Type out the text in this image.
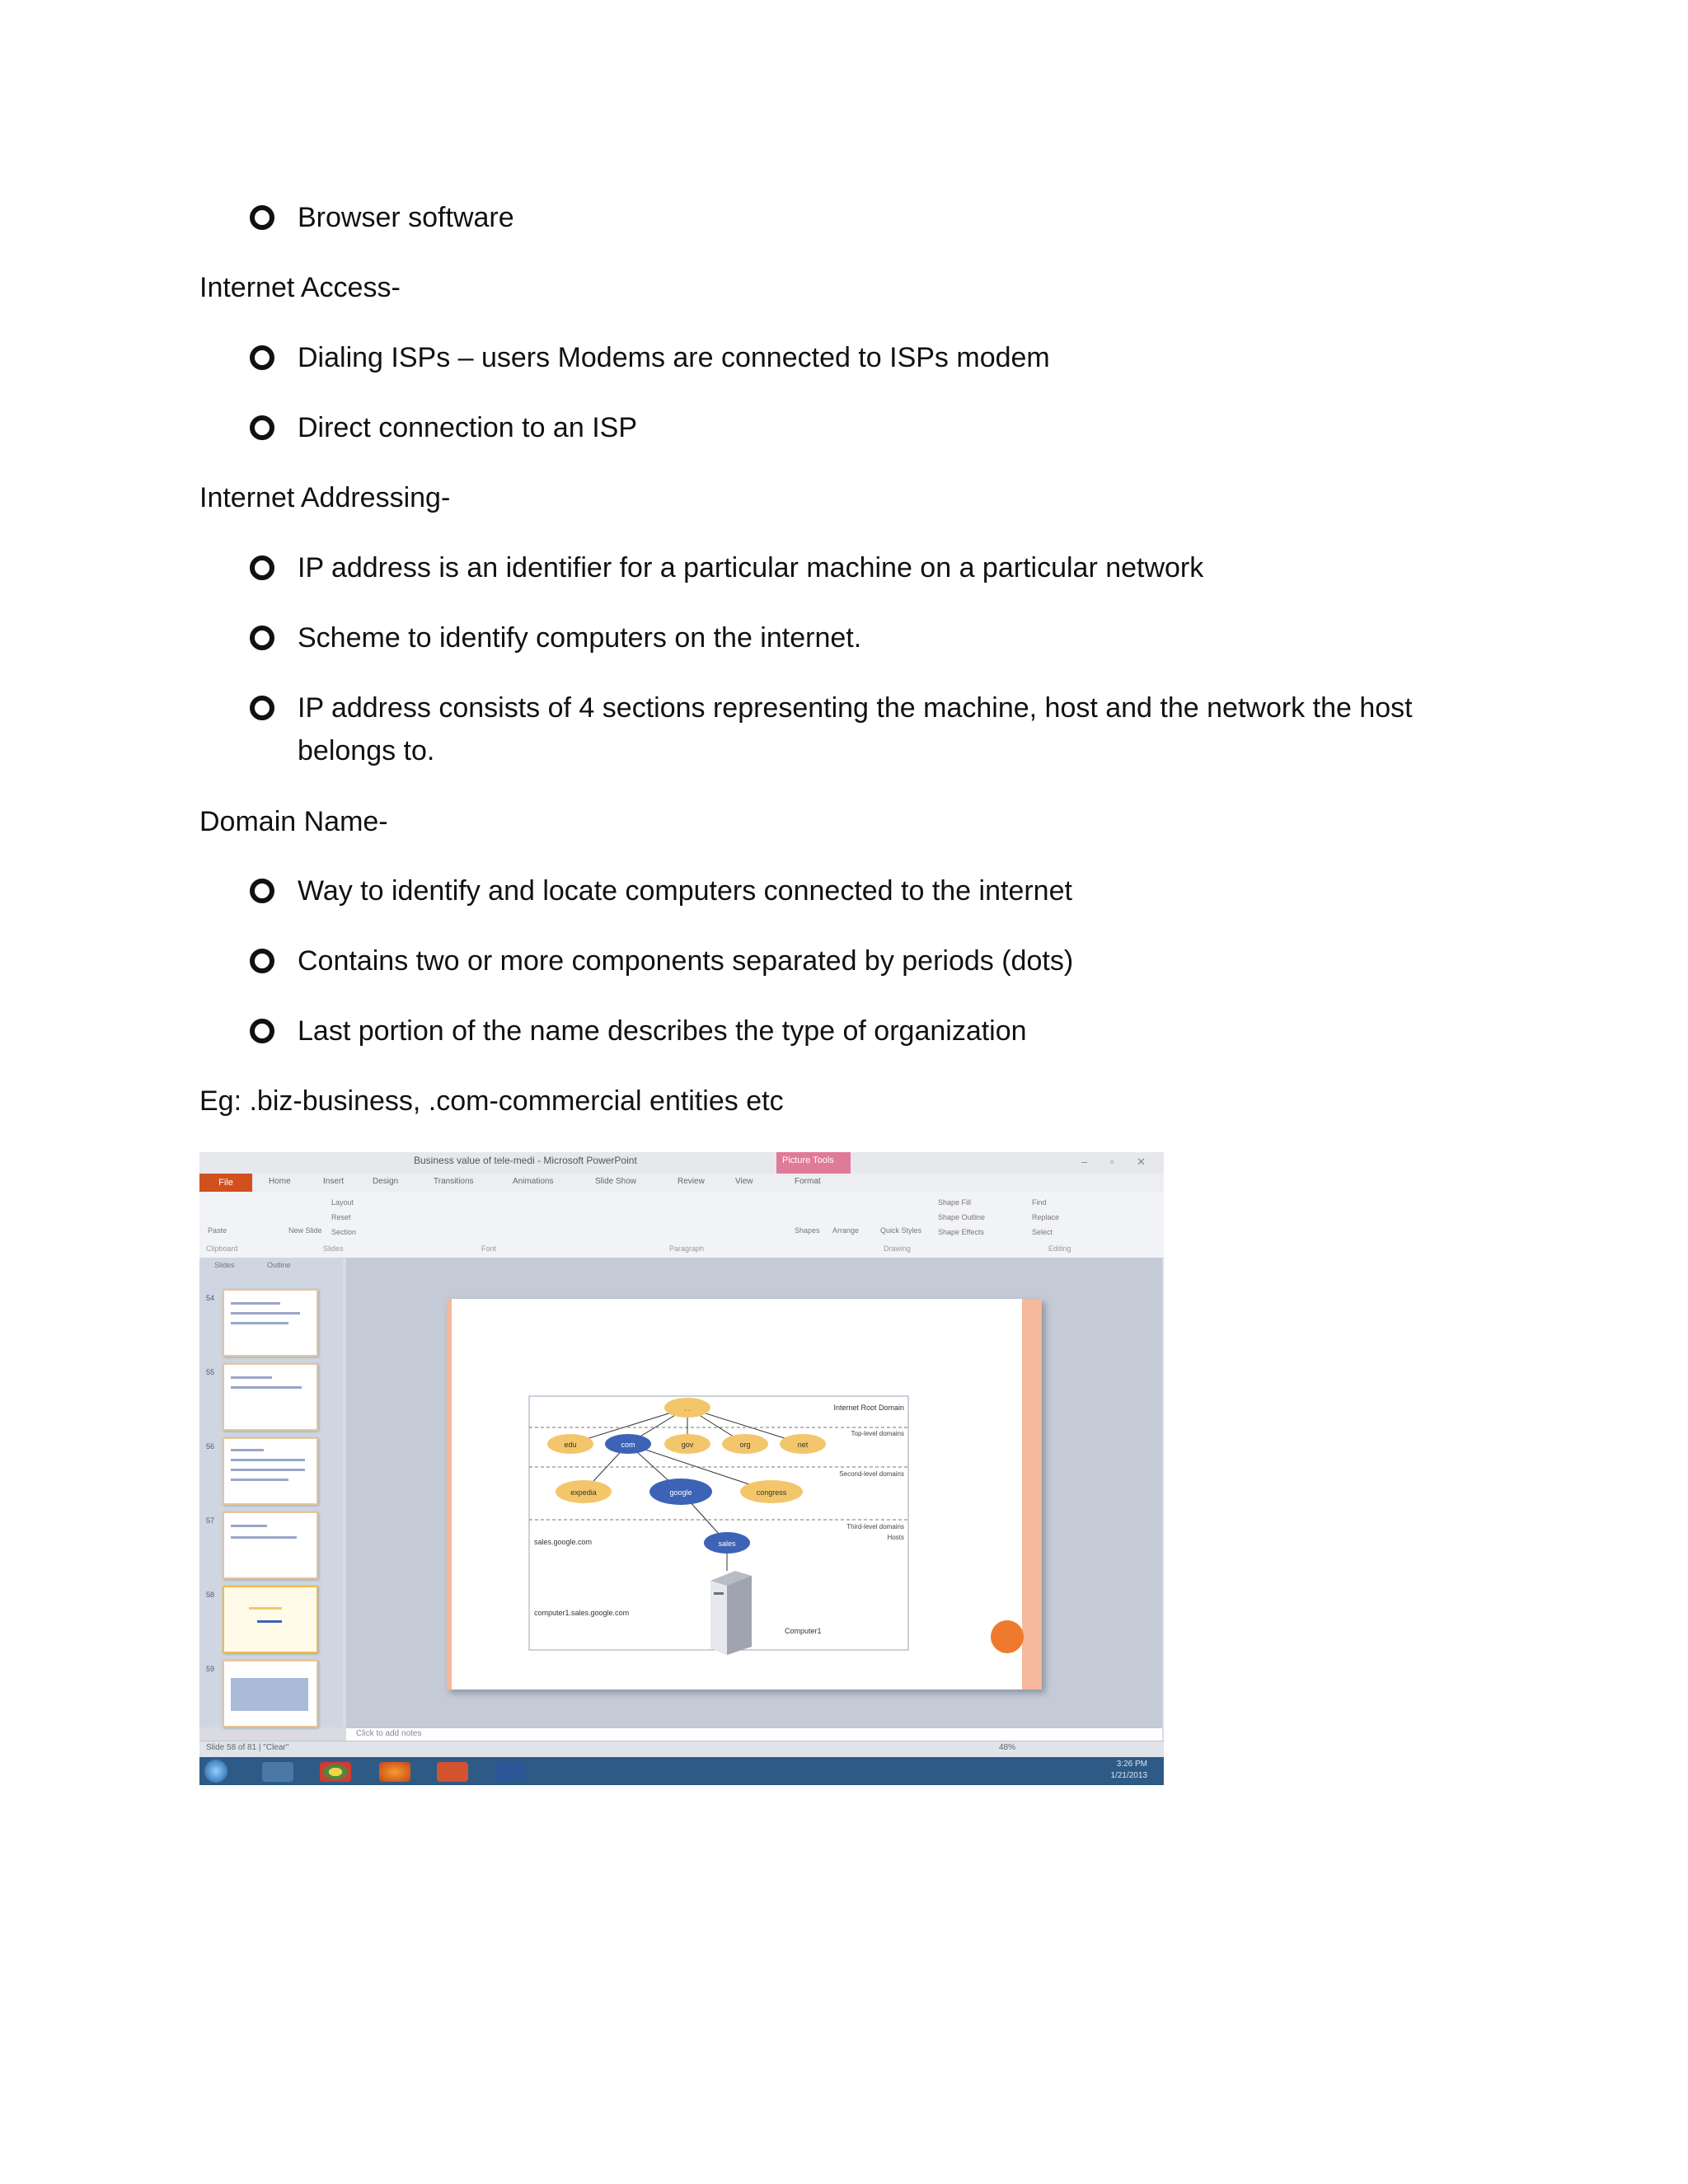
Browser software
Internet Access-
Dialing ISPs – users Modems are connected to ISPs modem
Direct connection to an ISP
Internet Addressing-
IP address is an identifier for a particular machine on a particular network
Scheme to identify computers on the internet.
IP address consists of 4 sections representing the machine, host and the network the host belongs to.
Domain Name-
Way to identify and locate computers connected to the internet
Contains two or more components separated by periods (dots)
Last portion of the name describes the type of organization
Eg: .biz-business, .com-commercial entities etc
Business value of tele-medi - Microsoft PowerPoint	Picture Tools	– ▫ ✕
File	Home	Insert	Design	Transitions	Animations	Slide Show	Review	View	Format
Paste	New Slide
Layout
Reset
Section	Shapes Arrange	Quick Styles
Shape Fill
Shape Outline
Shape Effects
Find
Replace
Select
Clipboard	Slides	Font	Paragraph	Drawing	Editing
Slides	Outline
54
55
56
57
58
59
. .	Internet Root Domain
edu	com	gov	org	net
Top-level domains
expedia	google	congress
Second-level domains
sales
Third-level domains
Hosts
sales.google.com
computer1.sales.google.com
Computer1
Click to add notes
Slide 58 of 81 | "Clear"	48%
3:26 PM
1/21/2013
